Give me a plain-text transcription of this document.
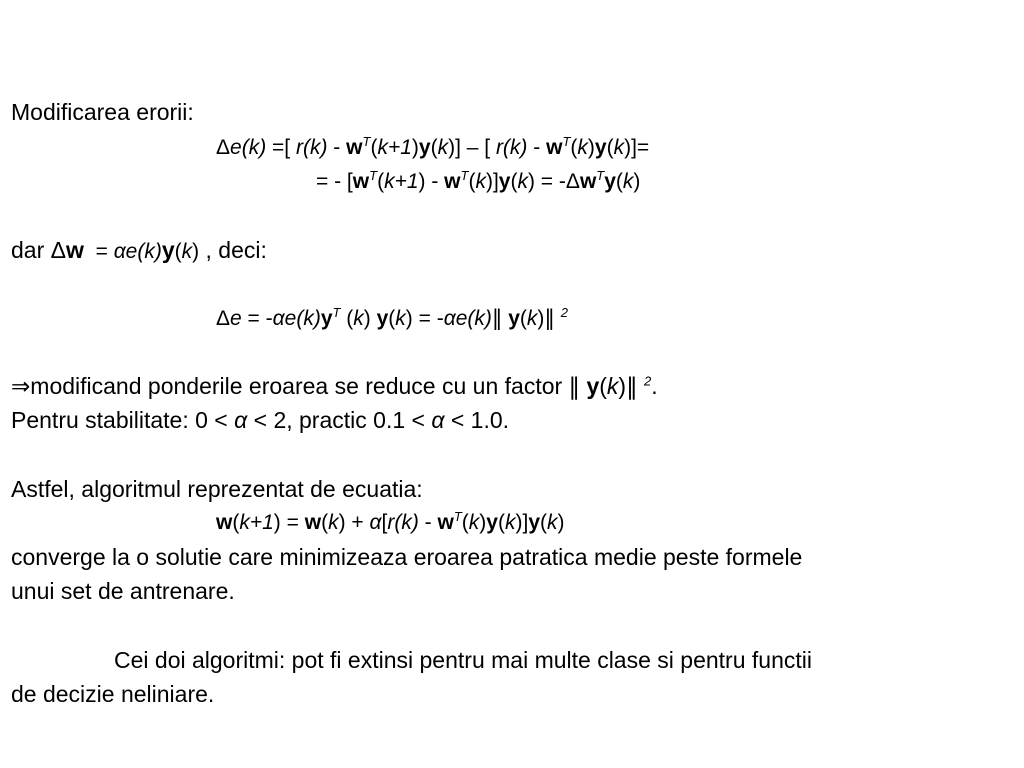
Modificarea erorii:
Δe(k) =[ $r(k) - w^T(k+1)y(k)$] – [ $r(k) - w^T(k)y(k)]=$
= - $[w^T(k+1) - w^T(k)]y(k) = -\Delta w^Ty(k)$
dar Δw  = αe(k)y(k) , deci:
$\Delta e = -\alpha e(k)y^T$ (k) y(k) = -αe(k)‖ y(k)‖ $^2$
⇒modificand ponderile eroarea se reduce cu un factor ‖ y(k)‖ $^2$.
Pentru stabilitate: 0 < α < 2, practic 0.1 < α < 1.0.
Astfel, algoritmul reprezentat de ecuatia:
$w(k+1) = w(k) + \alpha[r(k) - w^T(k)y(k)]y(k)$
converge la o solutie care minimizeaza eroarea patratica medie peste formele
unui set de antrenare.
Cei doi algoritmi: pot fi extinsi pentru mai multe clase si pentru functii
de decizie neliniare.
